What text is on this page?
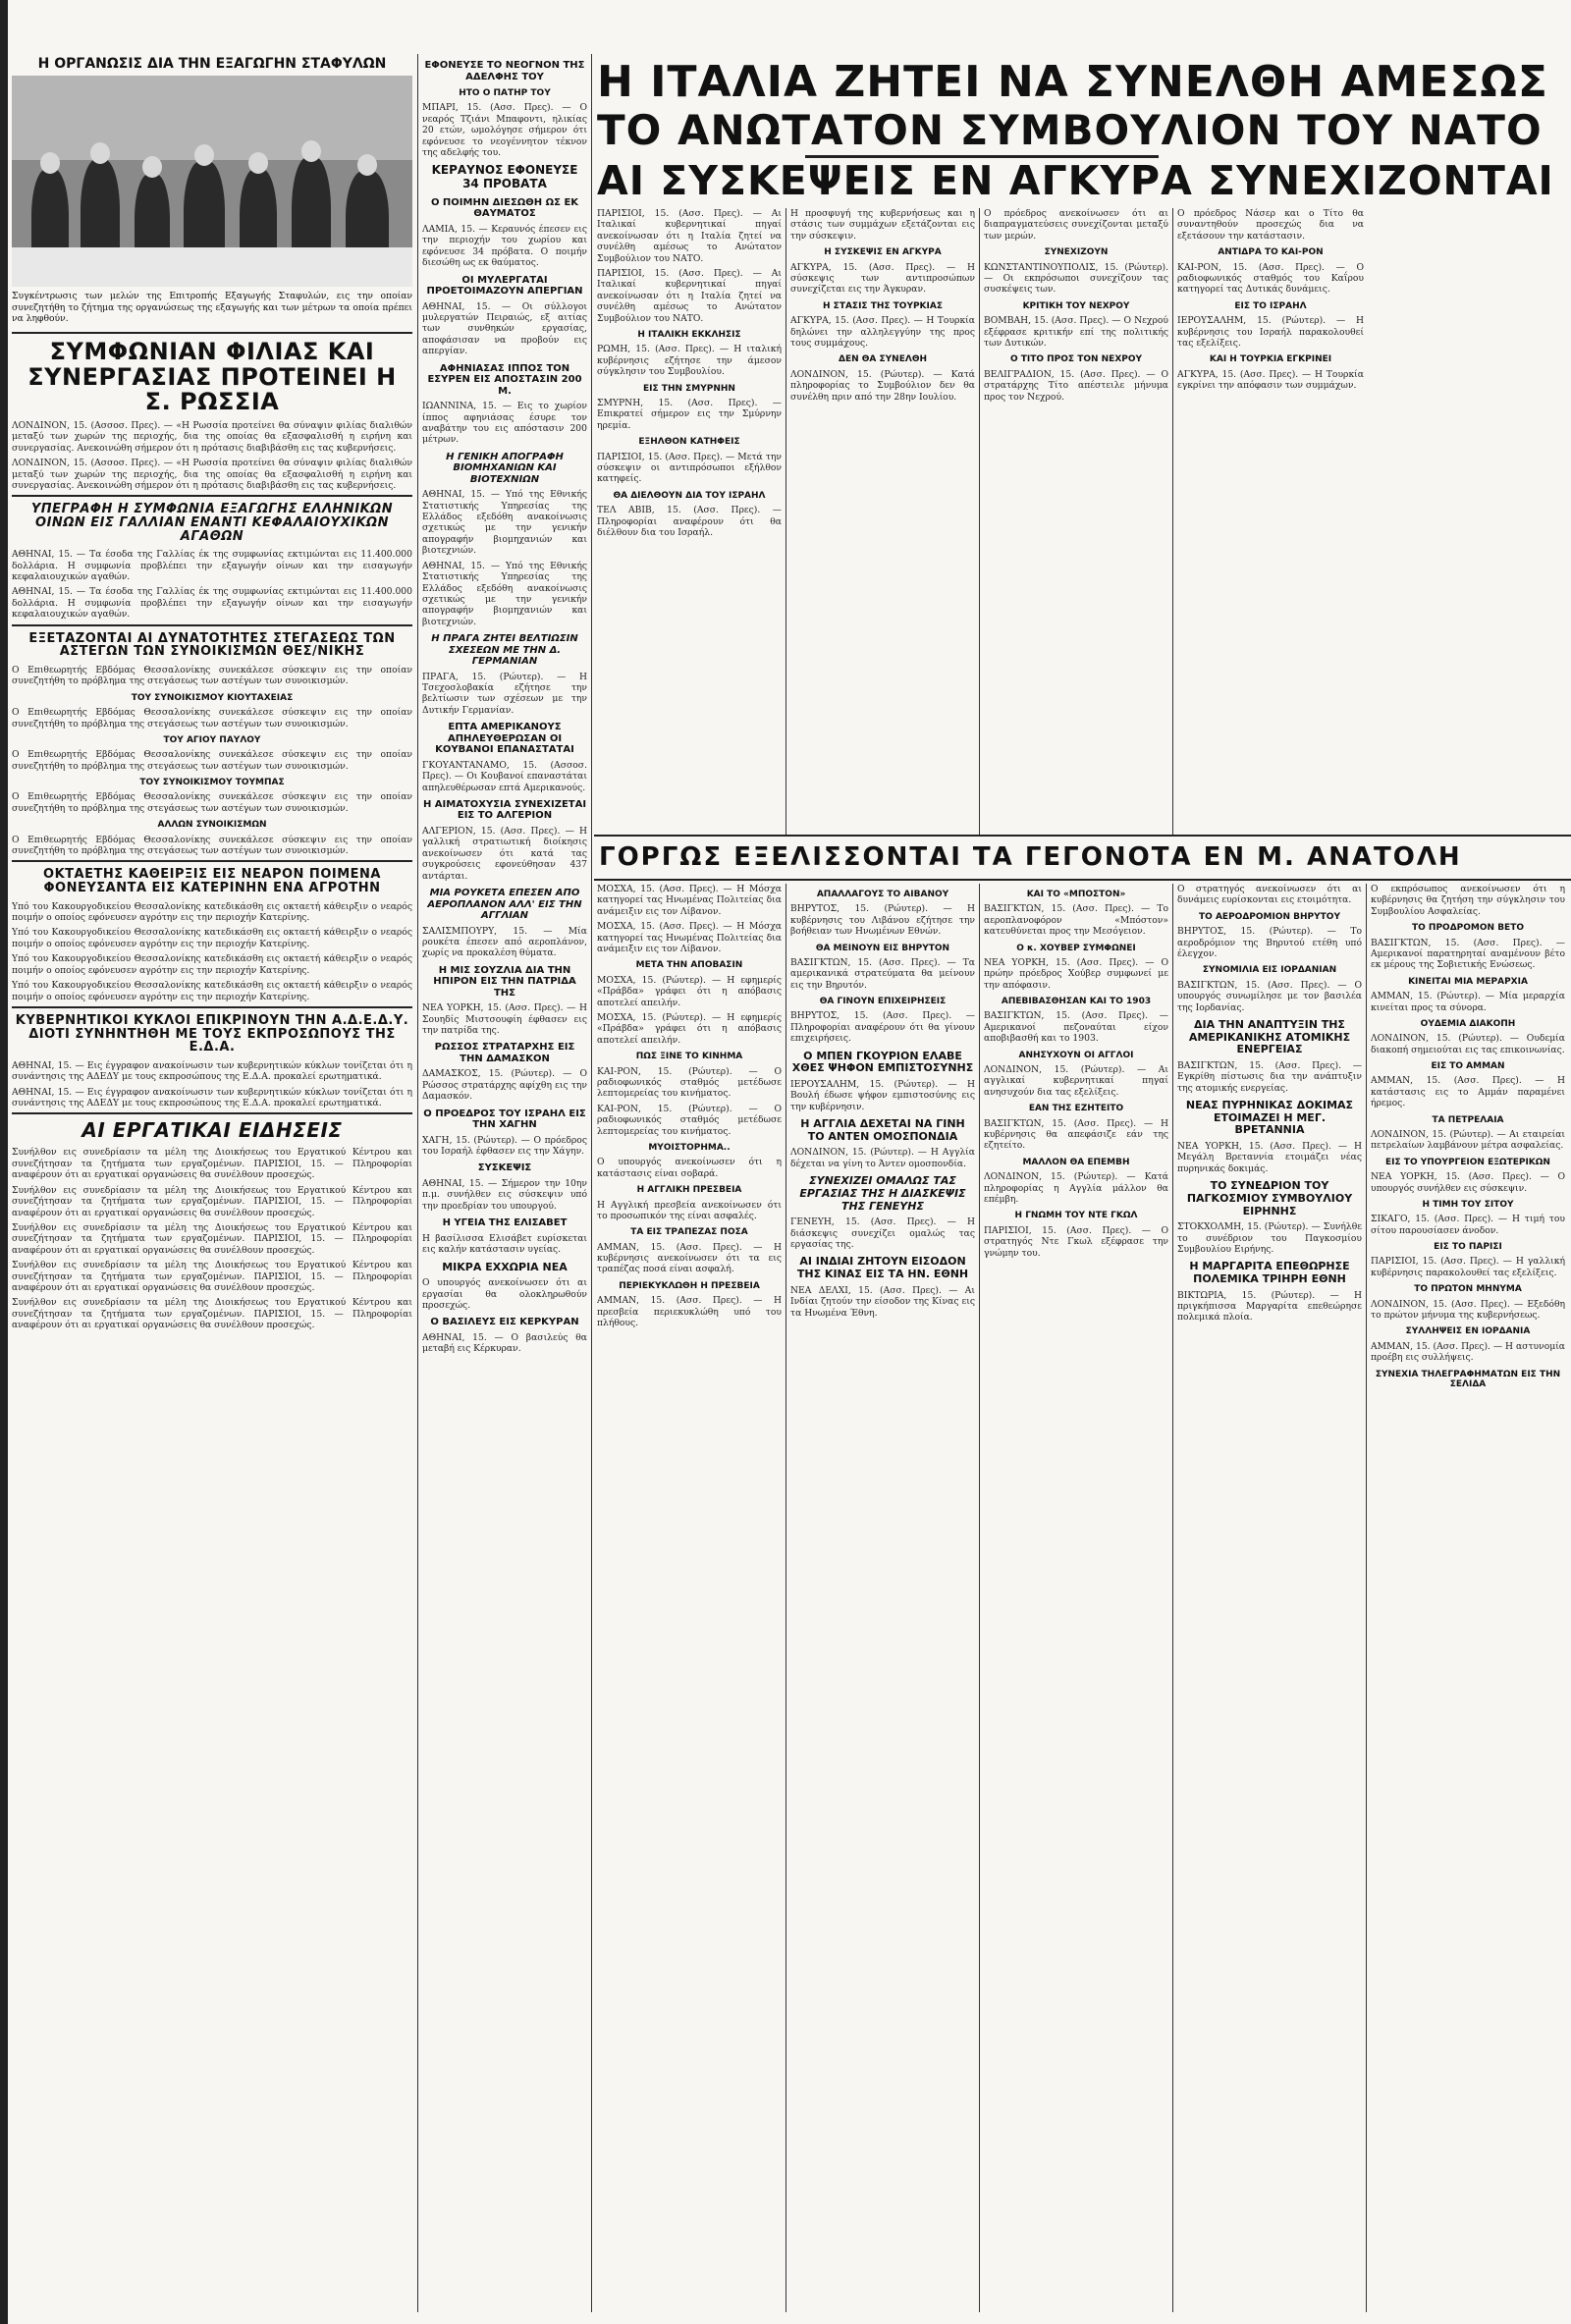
Η ΙΤΑΛΙΑ ΖΗΤΕΙ ΝΑ ΣΥΝΕΛΘΗ ΑΜΕΣΩΣ
ΤΟ ΑΝΩΤΑΤΟΝ ΣΥΜΒΟΥΛΙΟΝ ΤΟΥ ΝΑΤΟ
ΑΙ ΣΥΣΚΕΨΕΙΣ ΕΝ ΑΓΚΥΡΑ ΣΥΝΕΧΙΖΟΝΤΑΙ
Η ΟΡΓΑΝΩΣΙΣ ΔΙΑ ΤΗΝ ΕΞΑΓΩΓΗΝ ΣΤΑΦΥΛΩΝ

Συγκέντρωσις των μελών της Επιτροπής Εξαγωγής Σταφυλών, εις την οποίαν συνεζητήθη το ζήτημα της οργανώσεως της εξαγωγής και των μέτρων τα οποία πρέπει να ληφθούν.

ΣΥΜΦΩΝΙΑΝ ΦΙΛΙΑΣ ΚΑΙ ΣΥΝΕΡΓΑΣΙΑΣ ΠΡΟΤΕΙΝΕΙ Η Σ. ΡΩΣΣΙΑ

ΛΟΝΔΙΝΟΝ, 15. (Ασσοσ. Πρες). — «Η Ρωσσία προτείνει θα σύναψιν φιλίας διαλιθών μεταξύ των χωρών της περιοχής, δια της οποίας θα εξασφαλισθή η ειρήνη και συνεργασίας. Ανεκοινώθη σήμερον ότι η πρότασις διαβιβάσθη εις τας κυβερνήσεις.

ΛΟΝΔΙΝΟΝ, 15. (Ασσοσ. Πρες). — «Η Ρωσσία προτείνει θα σύναψιν φιλίας διαλιθών μεταξύ των χωρών της περιοχής, δια της οποίας θα εξασφαλισθή η ειρήνη και συνεργασίας. Ανεκοινώθη σήμερον ότι η πρότασις διαβιβάσθη εις τας κυβερνήσεις.

ΥΠΕΓΡΑΦΗ Η ΣΥΜΦΩΝΙΑ ΕΞΑΓΩΓΗΣ ΕΛΛΗΝΙΚΩΝ ΟΙΝΩΝ ΕΙΣ ΓΑΛΛΙΑΝ ΕΝΑΝΤΙ ΚΕΦΑΛΑΙΟΥΧΙΚΩΝ ΑΓΑΘΩΝ

ΑΘΗΝΑΙ, 15. — Τα έσοδα της Γαλλίας έκ της συμφωνίας εκτιμώνται εις 11.400.000 δολλάρια. Η συμφωνία προβλέπει την εξαγωγήν οίνων και την εισαγωγήν κεφαλαιουχικών αγαθών.

ΑΘΗΝΑΙ, 15. — Τα έσοδα της Γαλλίας έκ της συμφωνίας εκτιμώνται εις 11.400.000 δολλάρια. Η συμφωνία προβλέπει την εξαγωγήν οίνων και την εισαγωγήν κεφαλαιουχικών αγαθών.

ΕΞΕΤΑΖΟΝΤΑΙ ΑΙ ΔΥΝΑΤΟΤΗΤΕΣ ΣΤΕΓΑΣΕΩΣ ΤΩΝ ΑΣΤΕΓΩΝ ΤΩΝ ΣΥΝΟΙΚΙΣΜΩΝ ΘΕΣ/ΝΙΚΗΣ

Ο Επιθεωρητής Εβδόμας Θεσσαλονίκης συνεκάλεσε σύσκεψιν εις την οποίαν συνεζητήθη το πρόβλημα της στεγάσεως των αστέγων των συνοικισμών.

ΤΟΥ ΣΥΝΟΙΚΙΣΜΟΥ ΚΙΟΥΤΑΧΕΙΑΣ

Ο Επιθεωρητής Εβδόμας Θεσσαλονίκης συνεκάλεσε σύσκεψιν εις την οποίαν συνεζητήθη το πρόβλημα της στεγάσεως των αστέγων των συνοικισμών.

ΤΟΥ ΑΓΙΟΥ ΠΑΥΛΟΥ

Ο Επιθεωρητής Εβδόμας Θεσσαλονίκης συνεκάλεσε σύσκεψιν εις την οποίαν συνεζητήθη το πρόβλημα της στεγάσεως των αστέγων των συνοικισμών.

ΤΟΥ ΣΥΝΟΙΚΙΣΜΟΥ ΤΟΥΜΠΑΣ

Ο Επιθεωρητής Εβδόμας Θεσσαλονίκης συνεκάλεσε σύσκεψιν εις την οποίαν συνεζητήθη το πρόβλημα της στεγάσεως των αστέγων των συνοικισμών.

ΑΛΛΩΝ ΣΥΝΟΙΚΙΣΜΩΝ

Ο Επιθεωρητής Εβδόμας Θεσσαλονίκης συνεκάλεσε σύσκεψιν εις την οποίαν συνεζητήθη το πρόβλημα της στεγάσεως των αστέγων των συνοικισμών.

ΟΚΤΑΕΤΗΣ ΚΑΘΕΙΡΞΙΣ ΕΙΣ ΝΕΑΡΟΝ ΠΟΙΜΕΝΑ ΦΟΝΕΥΣΑΝΤΑ ΕΙΣ ΚΑΤΕΡΙΝΗΝ ΕΝΑ ΑΓΡΟΤΗΝ

Υπό του Κακουργοδικείου Θεσσαλονίκης κατεδικάσθη εις οκταετή κάθειρξιν ο νεαρός ποιμήν ο οποίος εφόνευσεν αγρότην εις την περιοχήν Κατερίνης.

Υπό του Κακουργοδικείου Θεσσαλονίκης κατεδικάσθη εις οκταετή κάθειρξιν ο νεαρός ποιμήν ο οποίος εφόνευσεν αγρότην εις την περιοχήν Κατερίνης.

Υπό του Κακουργοδικείου Θεσσαλονίκης κατεδικάσθη εις οκταετή κάθειρξιν ο νεαρός ποιμήν ο οποίος εφόνευσεν αγρότην εις την περιοχήν Κατερίνης.

Υπό του Κακουργοδικείου Θεσσαλονίκης κατεδικάσθη εις οκταετή κάθειρξιν ο νεαρός ποιμήν ο οποίος εφόνευσεν αγρότην εις την περιοχήν Κατερίνης.

ΚΥΒΕΡΝΗΤΙΚΟΙ ΚΥΚΛΟΙ ΕΠΙΚΡΙΝΟΥΝ ΤΗΝ Α.Δ.Ε.Δ.Υ. ΔΙΟΤΙ ΣΥΝΗΝΤΗΘΗ ΜΕ ΤΟΥΣ ΕΚΠΡΟΣΩΠΟΥΣ ΤΗΣ Ε.Δ.Α.

ΑΘΗΝΑΙ, 15. — Εις έγγραφον ανακοίνωσιν των κυβερνητικών κύκλων τονίζεται ότι η συνάντησις της ΑΔΕΔΥ με τους εκπροσώπους της Ε.Δ.Α. προκαλεί ερωτηματικά.

ΑΘΗΝΑΙ, 15. — Εις έγγραφον ανακοίνωσιν των κυβερνητικών κύκλων τονίζεται ότι η συνάντησις της ΑΔΕΔΥ με τους εκπροσώπους της Ε.Δ.Α. προκαλεί ερωτηματικά.

ΑΙ ΕΡΓΑΤΙΚΑΙ ΕΙΔΗΣΕΙΣ

Συνήλθον εις συνεδρίασιν τα μέλη της Διοικήσεως του Εργατικού Κέντρου και συνεζήτησαν τα ζητήματα των εργαζομένων. ΠΑΡΙΣΙΟΙ, 15. — Πληροφορίαι αναφέρουν ότι αι εργατικαί οργανώσεις θα συνέλθουν προσεχώς.

Συνήλθον εις συνεδρίασιν τα μέλη της Διοικήσεως του Εργατικού Κέντρου και συνεζήτησαν τα ζητήματα των εργαζομένων. ΠΑΡΙΣΙΟΙ, 15. — Πληροφορίαι αναφέρουν ότι αι εργατικαί οργανώσεις θα συνέλθουν προσεχώς.

Συνήλθον εις συνεδρίασιν τα μέλη της Διοικήσεως του Εργατικού Κέντρου και συνεζήτησαν τα ζητήματα των εργαζομένων. ΠΑΡΙΣΙΟΙ, 15. — Πληροφορίαι αναφέρουν ότι αι εργατικαί οργανώσεις θα συνέλθουν προσεχώς.

Συνήλθον εις συνεδρίασιν τα μέλη της Διοικήσεως του Εργατικού Κέντρου και συνεζήτησαν τα ζητήματα των εργαζομένων. ΠΑΡΙΣΙΟΙ, 15. — Πληροφορίαι αναφέρουν ότι αι εργατικαί οργανώσεις θα συνέλθουν προσεχώς.

Συνήλθον εις συνεδρίασιν τα μέλη της Διοικήσεως του Εργατικού Κέντρου και συνεζήτησαν τα ζητήματα των εργαζομένων. ΠΑΡΙΣΙΟΙ, 15. — Πληροφορίαι αναφέρουν ότι αι εργατικαί οργανώσεις θα συνέλθουν προσεχώς.

ΕΦΟΝΕΥΣΕ ΤΟ ΝΕΟΓΝΟΝ ΤΗΣ ΑΔΕΛΦΗΣ ΤΟΥ
ΗΤΟ Ο ΠΑΤΗΡ ΤΟΥ

ΜΠΑΡΙ, 15. (Ασσ. Πρες). — Ο νεαρός Τζιάνι Μπαφοντι, ηλικίας 20 ετών, ωμολόγησε σήμερον ότι εφόνευσε το νεογέννητον τέκνον της αδελφής του.

ΚΕΡΑΥΝΟΣ ΕΦΟΝΕΥΣΕ 34 ΠΡΟΒΑΤΑ
Ο ΠΟΙΜΗΝ ΔΙΕΣΩΘΗ ΩΣ ΕΚ ΘΑΥΜΑΤΟΣ

ΛΑΜΙΑ, 15. — Κεραυνός έπεσεν εις την περιοχήν του χωρίου και εφόνευσε 34 πρόβατα. Ο ποιμήν διεσώθη ως εκ θαύματος.

ΟΙ ΜΥΛΕΡΓΑΤΑΙ ΠΡΟΕΤΟΙΜΑΖΟΥΝ ΑΠΕΡΓΙΑΝ

ΑΘΗΝΑΙ, 15. — Οι σύλλογοι μυλεργατών Πειραιώς, εξ αιτίας των συνθηκών εργασίας, αποφάσισαν να προβούν εις απεργίαν.

ΑΦΗΝΙΑΣΑΣ ΙΠΠΟΣ ΤΟΝ ΕΣΥΡΕΝ ΕΙΣ ΑΠΟΣΤΑΣΙΝ 200 Μ.

ΙΩΑΝΝΙΝΑ, 15. — Εις το χωρίον ίππος αφηνιάσας έσυρε τον αναβάτην του εις απόστασιν 200 μέτρων.

Η ΓΕΝΙΚΗ ΑΠΟΓΡΑΦΗ ΒΙΟΜΗΧΑΝΙΩΝ ΚΑΙ ΒΙΟΤΕΧΝΙΩΝ

ΑΘΗΝΑΙ, 15. — Υπό της Εθνικής Στατιστικής Υπηρεσίας της Ελλάδος εξεδόθη ανακοίνωσις σχετικώς με την γενικήν απογραφήν βιομηχανιών και βιοτεχνιών.

ΑΘΗΝΑΙ, 15. — Υπό της Εθνικής Στατιστικής Υπηρεσίας της Ελλάδος εξεδόθη ανακοίνωσις σχετικώς με την γενικήν απογραφήν βιομηχανιών και βιοτεχνιών.

Η ΠΡΑΓΑ ΖΗΤΕΙ ΒΕΛΤΙΩΣΙΝ ΣΧΕΣΕΩΝ ΜΕ ΤΗΝ Δ. ΓΕΡΜΑΝΙΑΝ

ΠΡΑΓΑ, 15. (Ρώυτερ). — Η Τσεχοσλοβακία εζήτησε την βελτίωσιν των σχέσεων με την Δυτικήν Γερμανίαν.

ΕΠΤΑ ΑΜΕΡΙΚΑΝΟΥΣ ΑΠΗΛΕΥΘΕΡΩΣΑΝ ΟΙ ΚΟΥΒΑΝΟΙ ΕΠΑΝΑΣΤΑΤΑΙ

ΓΚΟΥΑΝΤΑΝΑΜΟ, 15. (Ασσοσ. Πρες). — Οι Κουβανοί επαναστάται απηλευθέρωσαν επτά Αμερικανούς.

Η ΑΙΜΑΤΟΧΥΣΙΑ ΣΥΝΕΧΙΖΕΤΑΙ ΕΙΣ ΤΟ ΑΛΓΕΡΙΟΝ

ΑΛΓΕΡΙΟΝ, 15. (Ασσ. Πρες). — Η γαλλική στρατιωτική διοίκησις ανεκοίνωσεν ότι κατά τας συγκρούσεις εφονεύθησαν 437 αντάρται.

ΜΙΑ ΡΟΥΚΕΤΑ ΕΠΕΣΕΝ ΑΠΟ ΑΕΡΟΠΛΑΝΟΝ ΑΛΛ' ΕΙΣ ΤΗΝ ΑΓΓΛΙΑΝ

ΣΑΛΙΣΜΠΟΥΡΥ, 15. — Μία ρουκέτα έπεσεν από αεροπλάνον, χωρίς να προκαλέση θύματα.

Η ΜΙΣ ΣΟΥΖΛΙΑ ΔΙΑ ΤΗΝ ΗΠΙΡΟΝ ΕΙΣ ΤΗΝ ΠΑΤΡΙΔΑ ΤΗΣ

ΝΕΑ ΥΟΡΚΗ, 15. (Ασσ. Πρες). — Η Σουηδίς Μιστσουφίη έφθασεν εις την πατρίδα της.

ΡΩΣΣΟΣ ΣΤΡΑΤΑΡΧΗΣ ΕΙΣ ΤΗΝ ΔΑΜΑΣΚΟΝ

ΔΑΜΑΣΚΟΣ, 15. (Ρώυτερ). — Ο Ρώσσος στρατάρχης αφίχθη εις την Δαμασκόν.

Ο ΠΡΟΕΔΡΟΣ ΤΟΥ ΙΣΡΑΗΛ ΕΙΣ ΤΗΝ ΧΑΓΗΝ

ΧΑΓΗ, 15. (Ρώυτερ). — Ο πρόεδρος του Ισραήλ έφθασεν εις την Χάγην.

ΣΥΣΚΕΨΙΣ

ΑΘΗΝΑΙ, 15. — Σήμερον την 10ην π.μ. συνήλθεν εις σύσκεψιν υπό την προεδρίαν του υπουργού.

Η ΥΓΕΙΑ ΤΗΣ ΕΛΙΣΑΒΕΤ

Η βασίλισσα Ελισάβετ ευρίσκεται εις καλήν κατάστασιν υγείας.

ΜΙΚΡΑ ΕΧΧΩΡΙΑ ΝΕΑ

Ο υπουργός ανεκοίνωσεν ότι αι εργασίαι θα ολοκληρωθούν προσεχώς.

Ο ΒΑΣΙΛΕΥΣ ΕΙΣ ΚΕΡΚΥΡΑΝ

ΑΘΗΝΑΙ, 15. — Ο βασιλεύς θα μεταβή εις Κέρκυραν.

ΠΑΡΙΣΙΟΙ, 15. (Ασσ. Πρες). — Αι Ιταλικαί κυβερνητικαί πηγαί ανεκοίνωσαν ότι η Ιταλία ζητεί να συνέλθη αμέσως το Ανώτατον Συμβούλιον του ΝΑΤΟ.

ΠΑΡΙΣΙΟΙ, 15. (Ασσ. Πρες). — Αι Ιταλικαί κυβερνητικαί πηγαί ανεκοίνωσαν ότι η Ιταλία ζητεί να συνέλθη αμέσως το Ανώτατον Συμβούλιον του ΝΑΤΟ.

Η ΙΤΑΛΙΚΗ ΕΚΚΛΗΣΙΣ

ΡΩΜΗ, 15. (Ασσ. Πρες). — Η ιταλική κυβέρνησις εζήτησε την άμεσον σύγκλησιν του Συμβουλίου.

ΕΙΣ ΤΗΝ ΣΜΥΡΝΗΝ

ΣΜΥΡΝΗ, 15. (Ασσ. Πρες). — Επικρατεί σήμερον εις την Σμύρνην ηρεμία.

ΕΞΗΛΘΟΝ ΚΑΤΗΦΕΙΣ

ΠΑΡΙΣΙΟΙ, 15. (Ασσ. Πρες). — Μετά την σύσκεψιν οι αντιπρόσωποι εξήλθον κατηφείς.

ΘΑ ΔΙΕΛΘΟΥΝ ΔΙΑ ΤΟΥ ΙΣΡΑΗΛ

ΤΕΛ ΑΒΙΒ, 15. (Ασσ. Πρες). — Πληροφορίαι αναφέρουν ότι θα διέλθουν δια του Ισραήλ.

Η προσφυγή της κυβερνήσεως και η στάσις των συμμάχων εξετάζονται εις την σύσκεψιν.

Η ΣΥΣΚΕΨΙΣ ΕΝ ΑΓΚΥΡΑ

ΑΓΚΥΡΑ, 15. (Ασσ. Πρες). — Η σύσκεψις των αντιπροσώπων συνεχίζεται εις την Άγκυραν.

Η ΣΤΑΣΙΣ ΤΗΣ ΤΟΥΡΚΙΑΣ

ΑΓΚΥΡΑ, 15. (Ασσ. Πρες). — Η Τουρκία δηλώνει την αλληλεγγύην της προς τους συμμάχους.

ΔΕΝ ΘΑ ΣΥΝΕΛΘΗ

ΛΟΝΔΙΝΟΝ, 15. (Ρώυτερ). — Κατά πληροφορίας το Συμβούλιον δεν θα συνέλθη πριν από την 28ην Ιουλίου.

Ο πρόεδρος ανεκοίνωσεν ότι αι διαπραγματεύσεις συνεχίζονται μεταξύ των μερών.

ΣΥΝΕΧΙΖΟΥΝ

ΚΩΝΣΤΑΝΤΙΝΟΥΠΟΛΙΣ, 15. (Ρώυτερ). — Οι εκπρόσωποι συνεχίζουν τας συσκέψεις των.

ΚΡΙΤΙΚΗ ΤΟΥ ΝΕΧΡΟΥ

ΒΟΜΒΑΗ, 15. (Ασσ. Πρες). — Ο Νεχρού εξέφρασε κριτικήν επί της πολιτικής των Δυτικών.

Ο ΤΙΤΟ ΠΡΟΣ ΤΟΝ ΝΕΧΡΟΥ

ΒΕΛΙΓΡΑΔΙΟΝ, 15. (Ασσ. Πρες). — Ο στρατάρχης Τίτο απέστειλε μήνυμα προς τον Νεχρού.

Ο πρόεδρος Νάσερ και ο Τίτο θα συναντηθούν προσεχώς δια να εξετάσουν την κατάστασιν.

ΑΝΤΙΔΡΑ ΤΟ ΚΑΙ-ΡΟΝ

ΚΑΙ-ΡΟΝ, 15. (Ασσ. Πρες). — Ο ραδιοφωνικός σταθμός του Καΐρου κατηγορεί τας Δυτικάς δυνάμεις.

ΕΙΣ ΤΟ ΙΣΡΑΗΛ

ΙΕΡΟΥΣΑΛΗΜ, 15. (Ρώυτερ). — Η κυβέρνησις του Ισραήλ παρακολουθεί τας εξελίξεις.

ΚΑΙ Η ΤΟΥΡΚΙΑ ΕΓΚΡΙΝΕΙ

ΑΓΚΥΡΑ, 15. (Ασσ. Πρες). — Η Τουρκία εγκρίνει την απόφασιν των συμμάχων.

ΓΟΡΓΩΣ ΕΞΕΛΙΣΣΟΝΤΑΙ ΤΑ ΓΕΓΟΝΟΤΑ ΕΝ Μ. ΑΝΑΤΟΛΗ

ΜΟΣΧΑ, 15. (Ασσ. Πρες). — Η Μόσχα κατηγορεί τας Ηνωμένας Πολιτείας δια ανάμειξιν εις τον Λίβανον.

ΜΟΣΧΑ, 15. (Ασσ. Πρες). — Η Μόσχα κατηγορεί τας Ηνωμένας Πολιτείας δια ανάμειξιν εις τον Λίβανον.

ΜΕΤΑ ΤΗΝ ΑΠΟΒΑΣΙΝ

ΜΟΣΧΑ, 15. (Ρώυτερ). — Η εφημερίς «Πράβδα» γράφει ότι η απόβασις αποτελεί απειλήν.

ΜΟΣΧΑ, 15. (Ρώυτερ). — Η εφημερίς «Πράβδα» γράφει ότι η απόβασις αποτελεί απειλήν.

ΠΩΣ ΞΙΝΕ ΤΟ ΚΙΝΗΜΑ

ΚΑΙ-ΡΟΝ, 15. (Ρώυτερ). — Ο ραδιοφωνικός σταθμός μετέδωσε λεπτομερείας του κινήματος.

ΚΑΙ-ΡΟΝ, 15. (Ρώυτερ). — Ο ραδιοφωνικός σταθμός μετέδωσε λεπτομερείας του κινήματος.

ΜΥΟΙΣΤΟΡΗΜΑ..

Ο υπουργός ανεκοίνωσεν ότι η κατάστασις είναι σοβαρά.

Η ΑΓΓΛΙΚΗ ΠΡΕΣΒΕΙΑ

Η Αγγλική πρεσβεία ανεκοίνωσεν ότι το προσωπικόν της είναι ασφαλές.

ΤΑ ΕΙΣ ΤΡΑΠΕΖΑΣ ΠΟΣΑ

ΑΜΜΑΝ, 15. (Ασσ. Πρες). — Η κυβέρνησις ανεκοίνωσεν ότι τα εις τραπέζας ποσά είναι ασφαλή.

ΠΕΡΙΕΚΥΚΛΩΘΗ Η ΠΡΕΣΒΕΙΑ

ΑΜΜΑΝ, 15. (Ασσ. Πρες). — Η πρεσβεία περιεκυκλώθη υπό του πλήθους.

ΑΠΑΛΛΑΓΟΥΣ ΤΟ ΑΙΒΑΝΟΥ

ΒΗΡΥΤΟΣ, 15. (Ρώυτερ). — Η κυβέρνησις του Λιβάνου εζήτησε την βοήθειαν των Ηνωμένων Εθνών.

ΘΑ ΜΕΙΝΟΥΝ ΕΙΣ ΒΗΡΥΤΟΝ

ΒΑΣΙΓΚΤΩΝ, 15. (Ασσ. Πρες). — Τα αμερικανικά στρατεύματα θα μείνουν εις την Βηρυτόν.

ΘΑ ΓΙΝΟΥΝ ΕΠΙΧΕΙΡΗΣΕΙΣ

ΒΗΡΥΤΟΣ, 15. (Ασσ. Πρες). — Πληροφορίαι αναφέρουν ότι θα γίνουν επιχειρήσεις.

Ο ΜΠΕΝ ΓΚΟΥΡΙΟΝ ΕΛΑΒΕ ΧΘΕΣ ΨΗΦΟΝ ΕΜΠΙΣΤΟΣΥΝΗΣ

ΙΕΡΟΥΣΑΛΗΜ, 15. (Ρώυτερ). — Η Βουλή έδωσε ψήφον εμπιστοσύνης εις την κυβέρνησιν.

Η ΑΓΓΛΙΑ ΔΕΧΕΤΑΙ ΝΑ ΓΙΝΗ ΤΟ ΑΝΤΕΝ ΟΜΟΣΠΟΝΔΙΑ

ΛΟΝΔΙΝΟΝ, 15. (Ρώυτερ). — Η Αγγλία δέχεται να γίνη το Άντεν ομοσπονδία.

ΣΥΝΕΧΙΖΕΙ ΟΜΑΛΩΣ ΤΑΣ ΕΡΓΑΣΙΑΣ ΤΗΣ Η ΔΙΑΣΚΕΨΙΣ ΤΗΣ ΓΕΝΕΥΗΣ

ΓΕΝΕΥΗ, 15. (Ασσ. Πρες). — Η διάσκεψις συνεχίζει ομαλώς τας εργασίας της.

ΑΙ ΙΝΔΙΑΙ ΖΗΤΟΥΝ ΕΙΣΟΔΟΝ ΤΗΣ ΚΙΝΑΣ ΕΙΣ ΤΑ ΗΝ. ΕΘΝΗ

ΝΕΑ ΔΕΛΧΙ, 15. (Ασσ. Πρες). — Αι Ινδίαι ζητούν την είσοδον της Κίνας εις τα Ηνωμένα Έθνη.

ΚΑΙ ΤΟ «ΜΠΟΣΤΟΝ»

ΒΑΣΙΓΚΤΩΝ, 15. (Ασσ. Πρες). — Το αεροπλανοφόρον «Μπόστον» κατευθύνεται προς την Μεσόγειον.

Ο κ. ΧΟΥΒΕΡ ΣΥΜΦΩΝΕΙ

ΝΕΑ ΥΟΡΚΗ, 15. (Ασσ. Πρες). — Ο πρώην πρόεδρος Χούβερ συμφωνεί με την απόφασιν.

ΑΠΕΒΙΒΑΣΘΗΣΑΝ ΚΑΙ ΤΟ 1903

ΒΑΣΙΓΚΤΩΝ, 15. (Ασσ. Πρες). — Αμερικανοί πεζοναύται είχον αποβιβασθή και το 1903.

ΑΝΗΣΥΧΟΥΝ ΟΙ ΑΓΓΛΟΙ

ΛΟΝΔΙΝΟΝ, 15. (Ρώυτερ). — Αι αγγλικαί κυβερνητικαί πηγαί ανησυχούν δια τας εξελίξεις.

ΕΑΝ ΤΗΣ ΕΖΗΤΕΙΤΟ

ΒΑΣΙΓΚΤΩΝ, 15. (Ασσ. Πρες). — Η κυβέρνησις θα απεφάσιζε εάν της εζητείτο.

ΜΑΛΛΟΝ ΘΑ ΕΠΕΜΒΗ

ΛΟΝΔΙΝΟΝ, 15. (Ρώυτερ). — Κατά πληροφορίας η Αγγλία μάλλον θα επέμβη.

Η ΓΝΩΜΗ ΤΟΥ ΝΤΕ ΓΚΩΛ

ΠΑΡΙΣΙΟΙ, 15. (Ασσ. Πρες). — Ο στρατηγός Ντε Γκωλ εξέφρασε την γνώμην του.

Ο στρατηγός ανεκοίνωσεν ότι αι δυνάμεις ευρίσκονται εις ετοιμότητα.

ΤΟ ΑΕΡΟΔΡΟΜΙΟΝ ΒΗΡΥΤΟΥ

ΒΗΡΥΤΟΣ, 15. (Ρώυτερ). — Το αεροδρόμιον της Βηρυτού ετέθη υπό έλεγχον.

ΣΥΝΟΜΙΛΙΑ ΕΙΣ ΙΟΡΔΑΝΙΑΝ

ΒΑΣΙΓΚΤΩΝ, 15. (Ασσ. Πρες). — Ο υπουργός συνωμίλησε με τον βασιλέα της Ιορδανίας.

ΔΙΑ ΤΗΝ ΑΝΑΠΤΥΞΙΝ ΤΗΣ ΑΜΕΡΙΚΑΝΙΚΗΣ ΑΤΟΜΙΚΗΣ ΕΝΕΡΓΕΙΑΣ

ΒΑΣΙΓΚΤΩΝ, 15. (Ασσ. Πρες). — Εγκρίθη πίστωσις δια την ανάπτυξιν της ατομικής ενεργείας.

ΝΕΑΣ ΠΥΡΗΝΙΚΑΣ ΔΟΚΙΜΑΣ ΕΤΟΙΜΑΖΕΙ Η ΜΕΓ. ΒΡΕΤΑΝΝΙΑ

ΝΕΑ ΥΟΡΚΗ, 15. (Ασσ. Πρες). — Η Μεγάλη Βρεταννία ετοιμάζει νέας πυρηνικάς δοκιμάς.

ΤΟ ΣΥΝΕΔΡΙΟΝ ΤΟΥ ΠΑΓΚΟΣΜΙΟΥ ΣΥΜΒΟΥΛΙΟΥ ΕΙΡΗΝΗΣ

ΣΤΟΚΧΟΛΜΗ, 15. (Ρώυτερ). — Συνήλθε το συνέδριον του Παγκοσμίου Συμβουλίου Ειρήνης.

Η ΜΑΡΓΑΡΙΤΑ ΕΠΕΘΩΡΗΣΕ ΠΟΛΕΜΙΚΑ ΤΡΙΗΡΗ ΕΘΝΗ

ΒΙΚΤΩΡΙΑ, 15. (Ρώυτερ). — Η πριγκήπισσα Μαργαρίτα επεθεώρησε πολεμικά πλοία.

Ο εκπρόσωπος ανεκοίνωσεν ότι η κυβέρνησις θα ζητήση την σύγκλησιν του Συμβουλίου Ασφαλείας.

ΤΟ ΠΡΟΔΡΟΜΟΝ ΒΕΤΟ

ΒΑΣΙΓΚΤΩΝ, 15. (Ασσ. Πρες). — Αμερικανοί παρατηρηταί αναμένουν βέτο εκ μέρους της Σοβιετικής Ενώσεως.

ΚΙΝΕΙΤΑΙ ΜΙΑ ΜΕΡΑΡΧΙΑ

ΑΜΜΑΝ, 15. (Ρώυτερ). — Μία μεραρχία κινείται προς τα σύνορα.

ΟΥΔΕΜΙΑ ΔΙΑΚΟΠΗ

ΛΟΝΔΙΝΟΝ, 15. (Ρώυτερ). — Ουδεμία διακοπή σημειούται εις τας επικοινωνίας.

ΕΙΣ ΤΟ ΑΜΜΑΝ

ΑΜΜΑΝ, 15. (Ασσ. Πρες). — Η κατάστασις εις το Αμμάν παραμένει ήρεμος.

ΤΑ ΠΕΤΡΕΛΑΙΑ

ΛΟΝΔΙΝΟΝ, 15. (Ρώυτερ). — Αι εταιρείαι πετρελαίων λαμβάνουν μέτρα ασφαλείας.

ΕΙΣ ΤΟ ΥΠΟΥΡΓΕΙΟΝ ΕΞΩΤΕΡΙΚΩΝ

ΝΕΑ ΥΟΡΚΗ, 15. (Ασσ. Πρες). — Ο υπουργός συνήλθεν εις σύσκεψιν.

Η ΤΙΜΗ ΤΟΥ ΣΙΤΟΥ

ΣΙΚΑΓΟ, 15. (Ασσ. Πρες). — Η τιμή του σίτου παρουσίασεν άνοδον.

ΕΙΣ ΤΟ ΠΑΡΙΣΙ

ΠΑΡΙΣΙΟΙ, 15. (Ασσ. Πρες). — Η γαλλική κυβέρνησις παρακολουθεί τας εξελίξεις.

ΤΟ ΠΡΩΤΟΝ ΜΗΝΥΜΑ

ΛΟΝΔΙΝΟΝ, 15. (Ασσ. Πρες). — Εξεδόθη το πρώτον μήνυμα της κυβερνήσεως.

ΣΥΛΛΗΨΕΙΣ ΕΝ ΙΟΡΔΑΝΙΑ

ΑΜΜΑΝ, 15. (Ασσ. Πρες). — Η αστυνομία προέβη εις συλλήψεις.

ΣΥΝΕΧΙΑ ΤΗΛΕΓΡΑΦΗΜΑΤΩΝ ΕΙΣ ΤΗΝ ΣΕΛΙΔΑ
